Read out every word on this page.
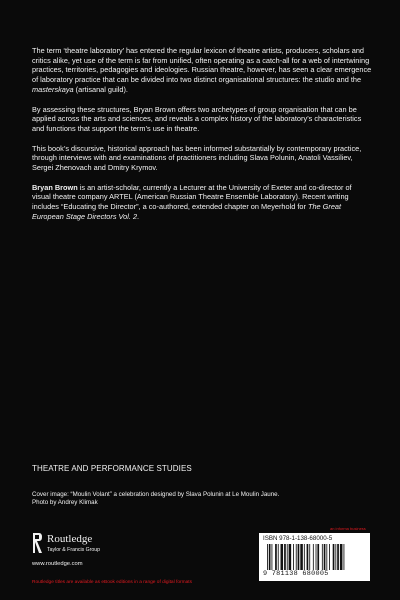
The term ‘theatre laboratory’ has entered the regular lexicon of theatre artists, producers, scholars and critics alike, yet use of the term is far from unified, often operating as a catch-all for a web of intertwining practices, territories, pedagogies and ideologies. Russian theatre, however, has seen a clear emergence of laboratory practice that can be divided into two distinct organisational structures: the studio and the masterskaya (artisanal guild).

By assessing these structures, Bryan Brown offers two archetypes of group organisation that can be applied across the arts and sciences, and reveals a complex history of the laboratory’s characteristics and functions that support the term’s use in theatre.

This book’s discursive, historical approach has been informed substantially by contemporary practice, through interviews with and examinations of practitioners including Slava Polunin, Anatoli Vassiliev, Sergei Zhenovach and Dmitry Krymov.

Bryan Brown is an artist-scholar, currently a Lecturer at the University of Exeter and co-director of visual theatre company ARTEL (American Russian Theatre Ensemble Laboratory). Recent writing includes “Educating the Director”, a co-authored, extended chapter on Meyerhold for The Great European Stage Directors Vol. 2.

THEATRE AND PERFORMANCE STUDIES
Cover image: “Moulin Volant” a celebration designed by Slava Polunin at Le Moulin Jaune.
Photo by Andrey Klimak
Routledge
Taylor & Francis Group
www.routledge.com
Routledge titles are available as eBook editions in a range of digital formats
an informa business
ISBN 978-1-138-68000-5
9 781138 680005
